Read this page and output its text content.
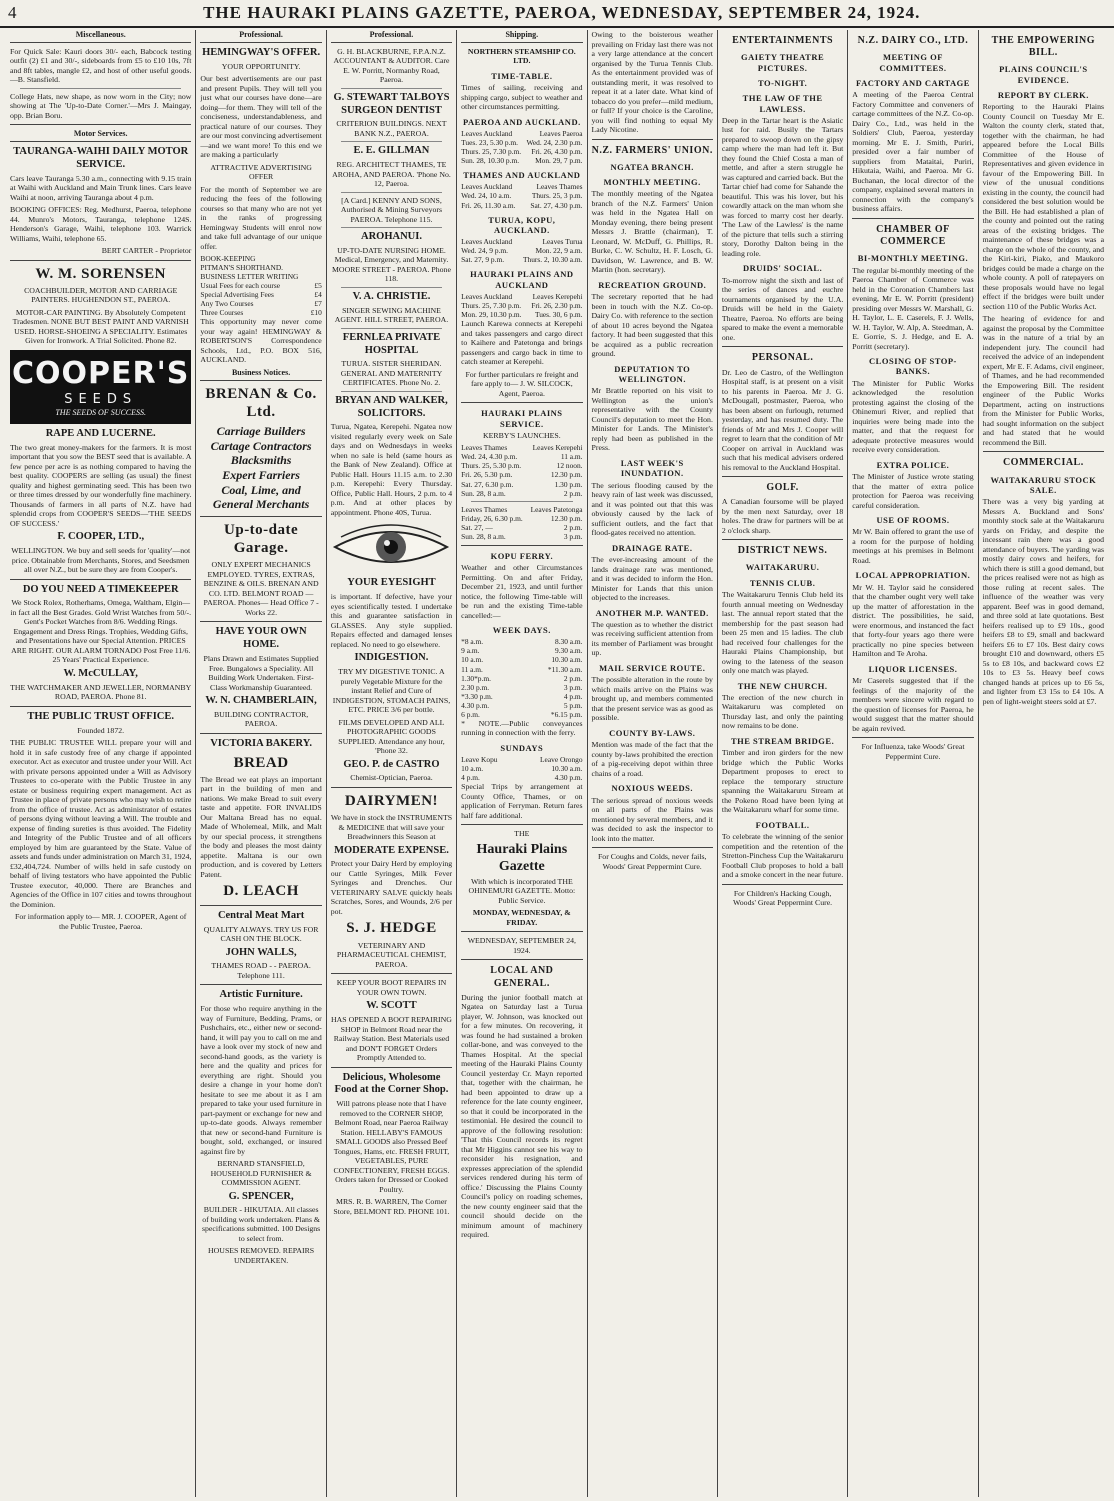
4	THE HAURAKI PLAINS GAZETTE, PAEROA, WEDNESDAY, SEPTEMBER 24, 1924.
Miscellaneous.

For Quick Sale: Kauri doors 30/- each, Babcock testing outfit (2) £1 and 30/-, sideboards from £5 to £10 10s, 7ft and 8ft tables, mangle £2, and host of other useful goods.—B. Stansfield.

College Hats, new shape, as now worn in the City; now showing at The 'Up-to-Date Corner.'—Mrs J. Maingay, opp. Brian Boru.

Motor Services.
TAURANGA-WAIHI DAILY MOTOR SERVICE.

Cars leave Tauranga 5.30 a.m., connecting with 9.15 train at Waihi with Auckland and Main Trunk lines. Cars leave Waihi at noon, arriving Tauranga about 4 p.m.

BOOKING OFFICES: Reg. Medhurst, Paeroa, telephone 44. Munro's Motors, Tauranga, telephone 124S. Henderson's Garage, Waihi, telephone 103. Warrick Williams, Waihi, telephone 65.

BERT CARTER - Proprietor

W. M. SORENSEN

COACHBUILDER, MOTOR AND CARRIAGE PAINTERS. HUGHENDON ST., PAEROA.

MOTOR-CAR PAINTING. By Absolutely Competent Tradesmen. NONE BUT BEST PAINT AND VARNISH USED. HORSE-SHOEING A SPECIALITY. Estimates Given for Ironwork. A Trial Solicited. Phone 82.

COOPER'S
SEEDS
THE SEEDS OF SUCCESS.
RAPE AND LUCERNE.

The two great money-makers for the farmers. It is most important that you sow the BEST seed that is available. A few pence per acre is as nothing compared to having the best quality. COOPERS are selling (as usual) the finest quality and highest germinating seed. This has been two or three times dressed by our wonderfully fine machinery. Thousands of farmers in all parts of N.Z. have had splendid crops from COOPER'S SEEDS—'THE SEEDS OF SUCCESS.'

F. COOPER, LTD.,

WELLINGTON. We buy and sell seeds for 'quality'—not price. Obtainable from Merchants, Stores, and Seedsmen all over N.Z., but be sure they are from Cooper's.

DO YOU NEED A TIMEKEEPER

We Stock Rolex, Rotherhams, Omega, Waltham, Elgin—in fact all the Best Grades. Gold Wrist Watches from 50/-. Gent's Pocket Watches from 8/6. Wedding Rings. Engagement and Dress Rings. Trophies, Wedding Gifts, and Presentations have our Special Attention. PRICES ARE RIGHT. OUR ALARM TORNADO Post Free 11/6. 25 Years' Practical Experience.

W. McCULLAY,

THE WATCHMAKER AND JEWELLER, NORMANBY ROAD, PAEROA. Phone 81.

THE PUBLIC TRUST OFFICE.

Founded 1872.

THE PUBLIC TRUSTEE WILL prepare your will and hold it in safe custody free of any charge if appointed executor. Act as executor and trustee under your Will. Act with private persons appointed under a Will as Advisory Trustees to co-operate with the Public Trustee in any estate or business requiring expert management. Act as Trustee in place of private persons who may wish to retire from the office of trustee. Act as administrator of estates of persons dying without leaving a Will. The trouble and expense of finding sureties is thus avoided. The Fidelity and Integrity of the Public Trustee and of all officers employed by him are guaranteed by the State. Value of assets and funds under administration on March 31, 1924, £32,404,724. Number of wills held in safe custody on behalf of living testators who have appointed the Public Trustee executor, 40,000. There are Branches and Agencies of the Office in 107 cities and towns throughout the Dominion.

For information apply to— MR. J. COOPER, Agent of the Public Trustee, Paeroa.

Professional.
HEMINGWAY'S OFFER.

YOUR OPPORTUNITY.

Our best advertisements are our past and present Pupils. They will tell you just what our courses have done—are doing—for them. They will tell of the conciseness, understandableness, and practical nature of our courses. They are our most convincing advertisement—and we want more! To this end we are making a particularly

ATTRACTIVE ADVERTISING OFFER

For the month of September we are reducing the fees of the following courses so that many who are not yet in the ranks of progressing Hemingway Students will enrol now and take full advantage of our unique offer.

BOOK-KEEPING
PITMAN'S SHORTHAND.
BUSINESS LETTER WRITING
Usual Fees for each course	£5
Special Advertising Fees	£4
Any Two Courses	£7
Three Courses	£10

This opportunity may never come your way again! HEMINGWAY & ROBERTSON'S Correspondence Schools, Ltd., P.O. BOX 516, AUCKLAND.

Business Notices.
BRENAN & Co. Ltd.
Carriage Builders
Cartage Contractors
Blacksmiths
Expert Farriers
Coal, Lime, and
General Merchants
Up-to-date Garage.

ONLY EXPERT MECHANICS EMPLOYED. TYRES, EXTRAS, BENZINE & OILS. BRENAN AND CO. LTD. BELMONT ROAD — PAEROA. Phones— Head Office 7 - Works 22.

HAVE YOUR OWN HOME.

Plans Drawn and Estimates Supplied Free. Bungalows a Speciality. All Building Work Undertaken. First-Class Workmanship Guaranteed.

W. N. CHAMBERLAIN,

BUILDING CONTRACTOR, PAEROA.

VICTORIA BAKERY.
BREAD

The Bread we eat plays an important part in the building of men and nations. We make Bread to suit every taste and appetite. FOR INVALIDS Our Maltana Bread has no equal. Made of Wholemeal, Milk, and Malt by our special process, it strengthens the body and pleases the most dainty appetite. Maltana is our own production, and is covered by Letters Patent.

D. LEACH
Central Meat Mart

QUALITY ALWAYS. TRY US FOR CASH ON THE BLOCK.

JOHN WALLS,

THAMES ROAD - - PAEROA. Telephone 111.

Artistic Furniture.

For those who require anything in the way of Furniture, Bedding, Prams, or Pushchairs, etc., either new or second-hand, it will pay you to call on me and have a look over my stock of new and second-hand goods, as the variety is here and the quality and prices for everything are right. Should you desire a change in your home don't hesitate to see me about it as I am prepared to take your used furniture in part-payment or exchange for new and up-to-date goods. Always remember that new or second-hand Furniture is bought, sold, exchanged, or insured against fire by

BERNARD STANSFIELD, HOUSEHOLD FURNISHER & COMMISSION AGENT.

G. SPENCER,

BUILDER - HIKUTAIA. All classes of building work undertaken. Plans & specifications submitted. 100 Designs to select from.

HOUSES REMOVED. REPAIRS UNDERTAKEN.

Professional.

G. H. BLACKBURNE, F.P.A.N.Z. ACCOUNTANT & AUDITOR. Care E. W. Porritt, Normanby Road, Paeroa.

G. STEWART TALBOYS SURGEON DENTIST

CRITERION BUILDINGS. NEXT BANK N.Z., PAEROA.

E. E. GILLMAN

REG. ARCHITECT THAMES, TE AROHA, AND PAEROA. 'Phone No. 12, Paeroa.

[A Card.] KENNY AND SONS, Authorised & Mining Surveyors PAEROA. Telephone 115.

AROHANUI.

UP-TO-DATE NURSING HOME. Medical, Emergency, and Maternity. MOORE STREET - PAEROA. Phone 118.

V. A. CHRISTIE.

SINGER SEWING MACHINE AGENT. HILL STREET, PAEROA.

FERNLEA PRIVATE HOSPITAL

TURUA. SISTER SHERIDAN. GENERAL AND MATERNITY CERTIFICATES. Phone No. 2.

BRYAN AND WALKER, SOLICITORS.

Turua, Ngatea, Kerepehi. Ngatea now visited regularly every week on Sale days and on Wednesdays in weeks when no sale is held (same hours as the Bank of New Zealand). Office at Public Hall. Hours 11.15 a.m. to 2.30 p.m. Kerepehi: Every Thursday. Office, Public Hall. Hours, 2 p.m. to 4 p.m. And at other places by appointment. Phone 40S, Turua.

YOUR EYESIGHT

is important. If defective, have your eyes scientifically tested. I undertake this and guarantee satisfaction in GLASSES. Any style supplied. Repairs effected and damaged lenses replaced. No need to go elsewhere.

INDIGESTION.

TRY MY DIGESTIVE TONIC. A purely Vegetable Mixture for the instant Relief and Cure of INDIGESTION, STOMACH PAINS, ETC. PRICE 3/6 per bottle.

FILMS DEVELOPED AND ALL PHOTOGRAPHIC GOODS SUPPLIED. Attendance any hour, 'Phone 32.

GEO. P. de CASTRO

Chemist-Optician, Paeroa.

DAIRYMEN!

We have in stock the INSTRUMENTS & MEDICINE that will save your Breadwinners this Season at

MODERATE EXPENSE.

Protect your Dairy Herd by employing our Cattle Syringes, Milk Fever Syringes and Drenches. Our VETERINARY SALVE quickly heals Scratches, Sores, and Wounds, 2/6 per pot.

S. J. HEDGE

VETERINARY AND PHARMACEUTICAL CHEMIST, PAEROA.

KEEP YOUR BOOT REPAIRS IN YOUR OWN TOWN.

W. SCOTT

HAS OPENED A BOOT REPAIRING SHOP in Belmont Road near the Railway Station. Best Materials used and DON'T FORGET Orders Promptly Attended to.

Delicious, Wholesome Food at the Corner Shop.

Will patrons please note that I have removed to the CORNER SHOP, Belmont Road, near Paeroa Railway Station. HELLABY'S FAMOUS SMALL GOODS also Pressed Beef Tongues, Hams, etc. FRESH FRUIT, VEGETABLES, PURE CONFECTIONERY, FRESH EGGS. Orders taken for Dressed or Cooked Poultry.

MRS. R. B. WARREN, The Corner Store, BELMONT RD. PHONE 101.

Shipping.
NORTHERN STEAMSHIP CO. LTD.
TIME-TABLE.

Times of sailing, receiving and shipping cargo, subject to weather and other circumstances permitting.

PAEROA AND AUCKLAND.
Leaves Auckland	Leaves Paeroa
Tues. 23, 5.30 p.m. Wed. 24, 2.30 p.m.
Thurs. 25, 7.30 p.m. Fri. 26, 4.30 p.m.
Sun. 28, 10.30 p.m. Mon. 29, 7 p.m.
THAMES AND AUCKLAND
Leaves Auckland	Leaves Thames
Wed. 24, 10 a.m.	Thurs. 25, 3 p.m.
Fri. 26, 11.30 a.m. Sat. 27, 4.30 p.m.
TURUA, KOPU, AUCKLAND.
Leaves Auckland	Leaves Turua
Wed. 24, 9 p.m.	Mon. 22, 9 a.m.
Sat. 27, 9 p.m.	Thurs. 2, 10.30 a.m.
HAURAKI PLAINS AND AUCKLAND
Leaves Auckland	Leaves Kerepehi
Thurs. 25, 7.30 p.m. Fri. 26, 2.30 p.m.
Mon. 29, 10.30 p.m. Tues. 30, 6 p.m.

Launch Karewa connects at Kerepehi and takes passengers and cargo direct to Kaihere and Patetonga and brings passengers and cargo back in time to catch steamer at Kerepehi.

For further particulars re freight and fare apply to— J. W. SILCOCK, Agent, Paeroa.

HAURAKI PLAINS SERVICE.

KERBY'S LAUNCHES.

Leaves Thames	Leaves Kerepehi
Wed. 24, 4.30 p.m.	11 a.m.
Thurs. 25, 5.30 p.m.	12 noon.
Fri. 26, 5.30 p.m.	12.30 p.m.
Sat. 27, 6.30 p.m.	1.30 p.m.
Sun. 28, 8 a.m.	2 p.m.
Leaves Thames	Leaves Patetonga
Friday, 26, 6.30 p.m.	12.30 p.m.
Sat. 27, —	2 p.m.
Sun. 28, 8 a.m.	3 p.m.
KOPU FERRY.

Weather and other Circumstances Permitting. On and after Friday, December 21, 1923, and until further notice, the following Time-table will be run and the existing Time-table cancelled:—

WEEK DAYS.
*8 a.m.	8.30 a.m.
9 a.m.	9.30 a.m.
10 a.m.	10.30 a.m.
11 a.m.	*11.30 a.m.
1.30*p.m.	2 p.m.
2.30 p.m.	3 p.m.
*3.30 p.m.	4 p.m.
4.30 p.m.	5 p.m.
6 p.m.	*6.15 p.m.

* NOTE.—Public conveyances running in connection with the ferry.

SUNDAYS
Leave Kopu	Leave Orongo
10 a.m.	10.30 a.m.
4 p.m.	4.30 p.m.

Special Trips by arrangement at County Office, Thames, or on application of Ferryman. Return fares half fare additional.

THE
Hauraki Plains Gazette

With which is incorporated THE OHINEMURI GAZETTE. Motto: Public Service.

MONDAY, WEDNESDAY, & FRIDAY.

WEDNESDAY, SEPTEMBER 24, 1924.

LOCAL AND GENERAL.

During the junior football match at Ngatea on Saturday last a Turua player, W. Johnson, was knocked out for a few minutes. On recovering, it was found he had sustained a broken collar-bone, and was conveyed to the Thames Hospital. At the special meeting of the Hauraki Plains County Council yesterday Cr. Mayn reported that, together with the chairman, he had been appointed to draw up a reference for the late county engineer, so that it could be incorporated in the testimonial. He desired the council to approve of the following resolution: 'That this Council records its regret that Mr Higgins cannot see his way to reconsider his resignation, and expresses appreciation of the splendid services rendered during his term of office.' Discussing the Plains County Council's policy on roading schemes, the new county engineer said that the council should decide on the minimum amount of machinery required.

Owing to the boisterous weather prevailing on Friday last there was not a very large attendance at the concert organised by the Turua Tennis Club. As the entertainment provided was of outstanding merit, it was resolved to repeat it at a later date. What kind of tobacco do you prefer—mild medium, or full? If your choice is the Caroline, you will find nothing to equal My Lady Nicotine.

N.Z. FARMERS' UNION.
NGATEA BRANCH.
MONTHLY MEETING.

The monthly meeting of the Ngatea branch of the N.Z. Farmers' Union was held in the Ngatea Hall on Monday evening, there being present Messrs J. Brattle (chairman), T. Leonard, W. McDuff, G. Phillips, R. Burke, C. W. Schultz, H. F. Losch, G. Davidson, W. Lawrence, and B. W. Martin (hon. secretary).

RECREATION GROUND.

The secretary reported that he had been in touch with the N.Z. Co-op. Dairy Co. with reference to the section of about 10 acres beyond the Ngatea factory. It had been suggested that this be acquired as a public recreation ground.

DEPUTATION TO WELLINGTON.

Mr Brattle reported on his visit to Wellington as the union's representative with the County Council's deputation to meet the Hon. Minister for Lands. The Minister's reply had been as published in the Press.

LAST WEEK'S INUNDATION.

The serious flooding caused by the heavy rain of last week was discussed, and it was pointed out that this was obviously caused by the lack of sufficient outlets, and the fact that flood-gates received no attention.

DRAINAGE RATE.

The ever-increasing amount of the lands drainage rate was mentioned, and it was decided to inform the Hon. Minister for Lands that this union objected to the increases.

ANOTHER M.P. WANTED.

The question as to whether the district was receiving sufficient attention from its member of Parliament was brought up.

MAIL SERVICE ROUTE.

The possible alteration in the route by which mails arrive on the Plains was brought up, and members commented that the present service was as good as possible.

COUNTY BY-LAWS.

Mention was made of the fact that the county by-laws prohibited the erection of a pig-receiving depot within three chains of a road.

NOXIOUS WEEDS.

The serious spread of noxious weeds on all parts of the Plains was mentioned by several members, and it was decided to ask the inspector to look into the matter.

For Coughs and Colds, never fails, Woods' Great Peppermint Cure.

ENTERTAINMENTS
GAIETY THEATRE PICTURES.
TO-NIGHT.
THE LAW OF THE LAWLESS.

Deep in the Tartar heart is the Asiatic lust for raid. Busily the Tartars prepared to swoop down on the gipsy camp where the man had left it. But they found the Chief Costa a man of mettle, and after a stern struggle he was captured and carried back. But the Tartar chief had come for Sahande the beautiful. This was his lover, but his cowardly attack on the man whom she was forced to marry cost her dearly. 'The Law of the Lawless' is the name of the picture that tells such a stirring story, Dorothy Dalton being in the leading role.

DRUIDS' SOCIAL.

To-morrow night the sixth and last of the series of dances and euchre tournaments organised by the U.A. Druids will be held in the Gaiety Theatre, Paeroa. No efforts are being spared to make the event a memorable one.

PERSONAL.

Dr. Leo de Castro, of the Wellington Hospital staff, is at present on a visit to his parents in Paeroa. Mr J. G. McDougall, postmaster, Paeroa, who has been absent on furlough, returned yesterday, and has resumed duty. The friends of Mr and Mrs J. Cooper will regret to learn that the condition of Mr Cooper on arrival in Auckland was such that his medical advisers ordered his removal to the Auckland Hospital.

GOLF.

A Canadian foursome will be played by the men next Saturday, over 18 holes. The draw for partners will be at 2 o'clock sharp.

DISTRICT NEWS.
WAITAKARURU.
TENNIS CLUB.

The Waitakaruru Tennis Club held its fourth annual meeting on Wednesday last. The annual report stated that the membership for the past season had been 25 men and 15 ladies. The club had received four challenges for the Hauraki Plains Championship, but owing to the lateness of the season only one match was played.

THE NEW CHURCH.

The erection of the new church in Waitakaruru was completed on Thursday last, and only the painting now remains to be done.

THE STREAM BRIDGE.

Timber and iron girders for the new bridge which the Public Works Department proposes to erect to replace the temporary structure spanning the Waitakaruru Stream at the Pokeno Road have been lying at the Waitakaruru wharf for some time.

FOOTBALL.

To celebrate the winning of the senior competition and the retention of the Stretton-Pinchess Cup the Waitakaruru Football Club proposes to hold a ball and a smoke concert in the near future.

For Children's Hacking Cough, Woods' Great Peppermint Cure.

N.Z. DAIRY CO., LTD.
MEETING OF COMMITTEES.
FACTORY AND CARTAGE

A meeting of the Paeroa Central Factory Committee and conveners of cartage committees of the N.Z. Co-op. Dairy Co., Ltd., was held in the Soldiers' Club, Paeroa, yesterday morning. Mr E. J. Smith, Puriri, presided over a fair number of suppliers from Mataitai, Puriri, Hikutaia, Waihi, and Paeroa. Mr G. Buchanan, the local director of the company, explained several matters in connection with the company's business affairs.

CHAMBER OF COMMERCE
BI-MONTHLY MEETING.

The regular bi-monthly meeting of the Paeroa Chamber of Commerce was held in the Coronation Chambers last evening, Mr E. W. Porritt (president) presiding over Messrs W. Marshall, G. H. Taylor, L. E. Caserels, F. J. Wells, W. H. Taylor, W. Alp, A. Steedman, A. E. Gorrie, S. J. Hedge, and E. A. Porritt (secretary).

CLOSING OF STOP-BANKS.

The Minister for Public Works acknowledged the resolution protesting against the closing of the Ohinemuri River, and replied that inquiries were being made into the matter, and that the request for adequate protective measures would receive every consideration.

EXTRA POLICE.

The Minister of Justice wrote stating that the matter of extra police protection for Paeroa was receiving careful consideration.

USE OF ROOMS.

Mr W. Bain offered to grant the use of a room for the purpose of holding meetings at his premises in Belmont Road.

LOCAL APPROPRIATION.

Mr W. H. Taylor said he considered that the chamber ought very well take up the matter of afforestation in the district. The possibilities, he said, were enormous, and instanced the fact that forty-four years ago there were practically no pine species between Hamilton and Te Aroha.

LIQUOR LICENSES.

Mr Caserels suggested that if the feelings of the majority of the members were sincere with regard to the question of licenses for Paeroa, he would suggest that the matter should be again revived.

For Influenza, take Woods' Great Peppermint Cure.

THE EMPOWERING BILL.
PLAINS COUNCIL'S EVIDENCE.
REPORT BY CLERK.

Reporting to the Hauraki Plains County Council on Tuesday Mr E. Walton the county clerk, stated that, together with the chairman, he had appeared before the Local Bills Committee of the House of Representatives and given evidence in favour of the Empowering Bill. In view of the unusual conditions existing in the county, the council had considered the best solution would be the Bill. He had established a plan of the county and pointed out the rating areas of the existing bridges. The maintenance of these bridges was a charge on the whole of the county, and the Kiri-kiri, Piako, and Maukoro bridges could be made a charge on the whole county. A poll of ratepayers on these proposals would have no legal effect if the bridges were built under section 110 of the Public Works Act.

The hearing of evidence for and against the proposal by the Committee was in the nature of a trial by an independent jury. The council had received the advice of an independent expert, Mr E. F. Adams, civil engineer, of Thames, and he had recommended the Empowering Bill. The resident engineer of the Public Works Department, acting on instructions from the Minister for Public Works, had sought information on the subject and had stated that he would recommend the Bill.

COMMERCIAL.
WAITAKARURU STOCK SALE.

There was a very big yarding at Messrs A. Buckland and Sons' monthly stock sale at the Waitakaruru yards on Friday, and despite the incessant rain there was a good attendance of buyers. The yarding was mostly dairy cows and heifers, for which there is still a good demand, but the prices realised were not as high as those ruling at recent sales. The influence of the weather was very apparent. Beef was in good demand, and three sold at late quotations. Best heifers realised up to £9 10s., good heifers £8 to £9, small and backward heifers £6 to £7 10s. Best dairy cows brought £10 and downward, others £5 5s to £8 10s, and backward cows £2 10s to £3 5s. Heavy beef cows changed hands at prices up to £6 5s, and lighter from £3 15s to £4 10s. A pen of light-weight steers sold at £7.
